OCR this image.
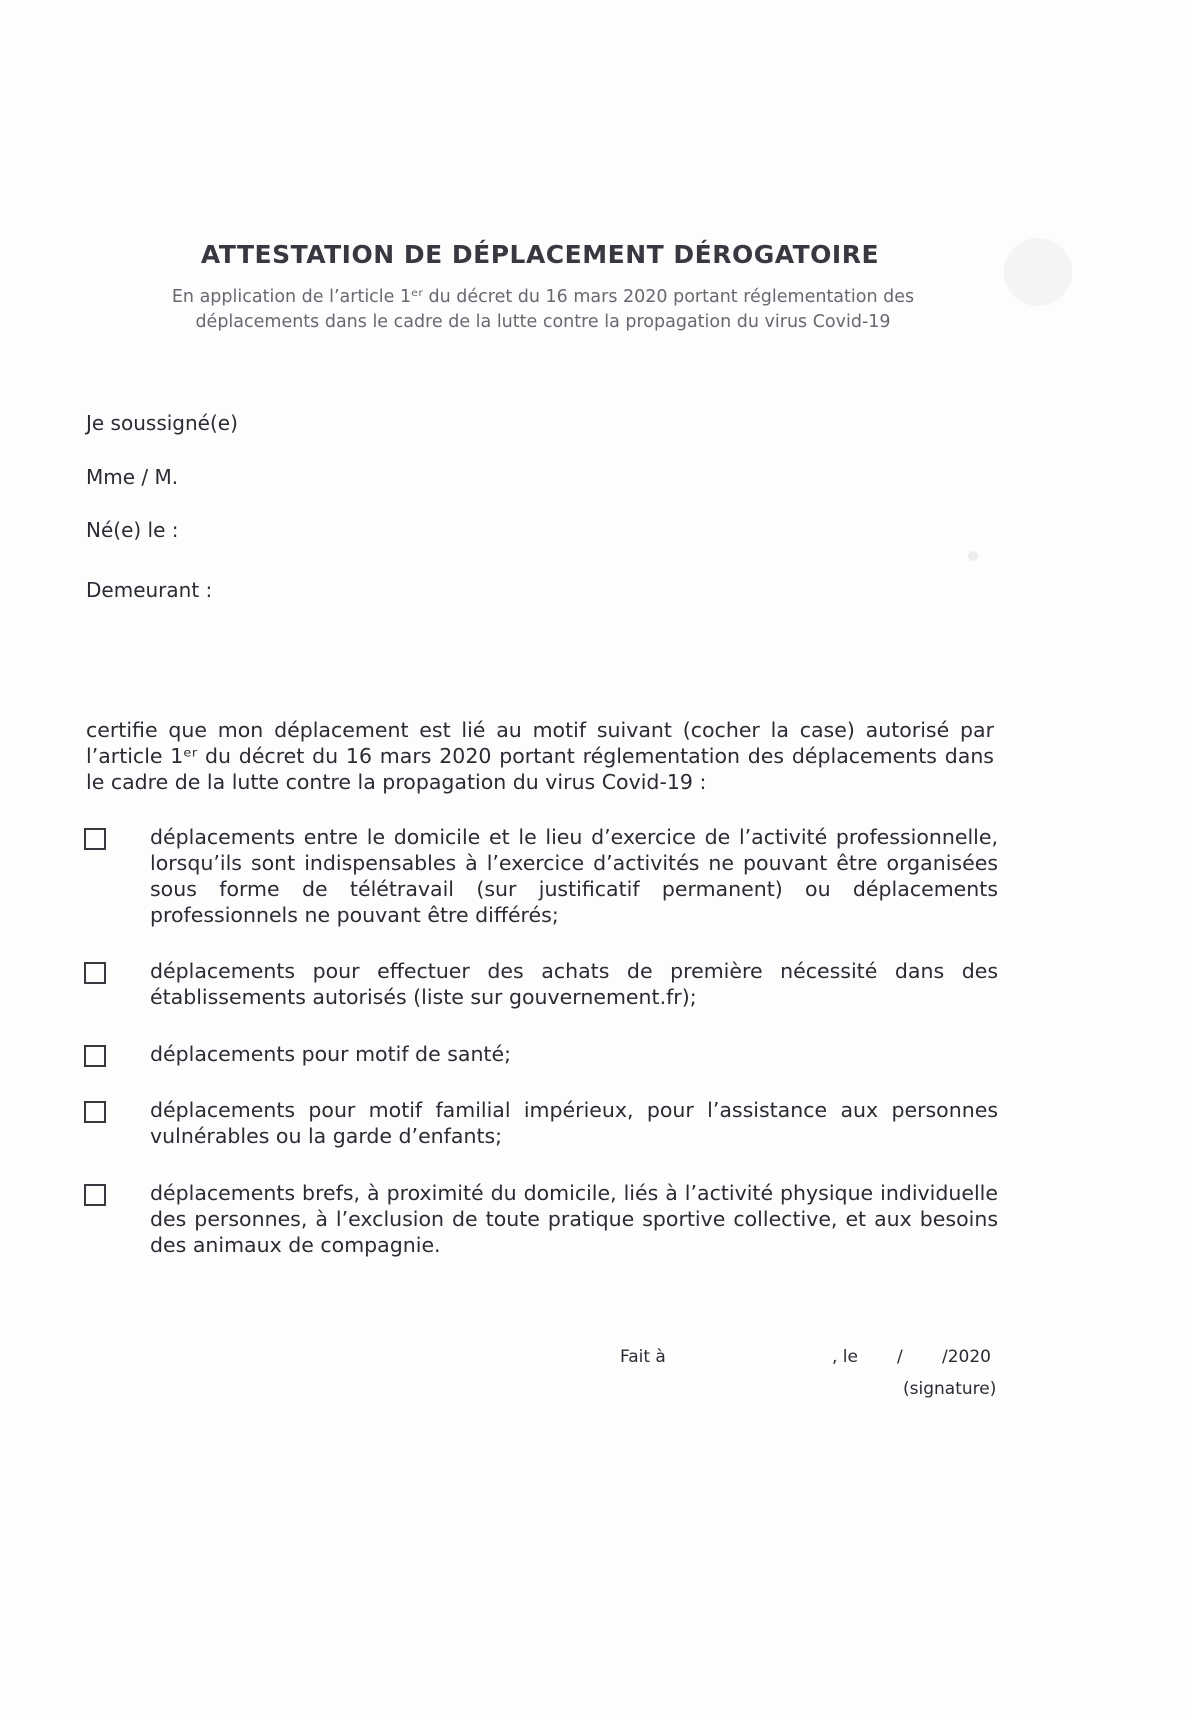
ATTESTATION DE DÉPLACEMENT DÉROGATOIRE
En application de l’article 1ᵉʳ du décret du 16 mars 2020 portant réglementation des
déplacements dans le cadre de la lutte contre la propagation du virus Covid-19
Je soussigné(e)
Mme / M.
Né(e) le :
Demeurant :
certifie que mon déplacement est lié au motif suivant (cocher la case) autorisé par
l’article 1ᵉʳ du décret du 16 mars 2020 portant réglementation des déplacements dans
le cadre de la lutte contre la propagation du virus Covid-19 :
déplacements entre le domicile et le lieu d’exercice de l’activité professionnelle,
lorsqu’ils sont indispensables à l’exercice d’activités ne pouvant être organisées
sous forme de télétravail (sur justificatif permanent) ou déplacements
professionnels ne pouvant être différés;
déplacements pour effectuer des achats de première nécessité dans des
établissements autorisés (liste sur gouvernement.fr);
déplacements pour motif de santé;
déplacements pour motif familial impérieux, pour l’assistance aux personnes
vulnérables ou la garde d’enfants;
déplacements brefs, à proximité du domicile, liés à l’activité physique individuelle
des personnes, à l’exclusion de toute pratique sportive collective, et aux besoins
des animaux de compagnie.
Fait à	, le / /2020
(signature)
